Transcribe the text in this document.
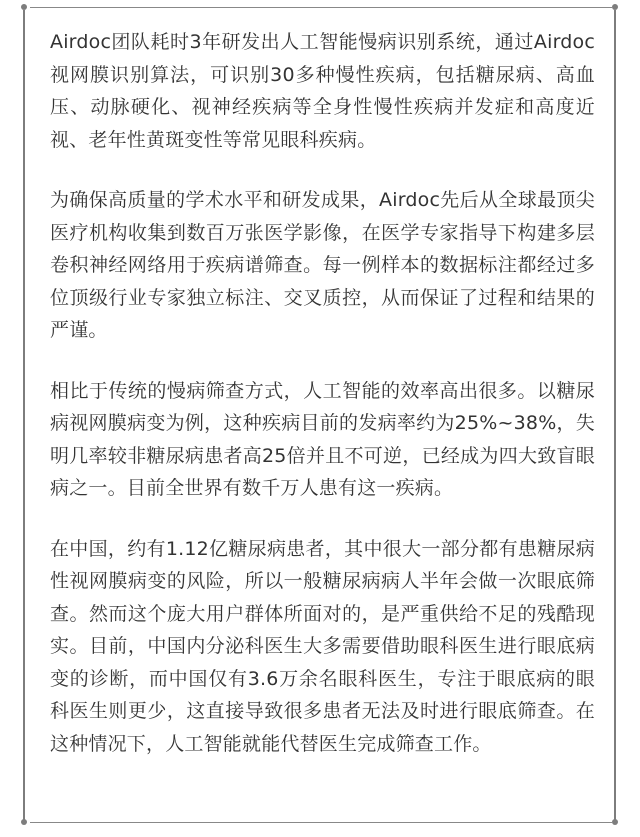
Airdoc团队耗时3年研发出人工智能慢病识别系统，通过Airdoc视网膜识别算法，可识别30多种慢性疾病，包括糖尿病、高血压、动脉硬化、视神经疾病等全身性慢性疾病并发症和高度近视、老年性黄斑变性等常见眼科疾病。

为确保高质量的学术水平和研发成果，Airdoc先后从全球最顶尖医疗机构收集到数百万张医学影像，在医学专家指导下构建多层卷积神经网络用于疾病谱筛查。每一例样本的数据标注都经过多位顶级行业专家独立标注、交叉质控，从而保证了过程和结果的严谨。

相比于传统的慢病筛查方式，人工智能的效率高出很多。以糖尿病视网膜病变为例，这种疾病目前的发病率约为25%~38%，失明几率较非糖尿病患者高25倍并且不可逆，已经成为四大致盲眼病之一。目前全世界有数千万人患有这一疾病。

在中国，约有1.12亿糖尿病患者，其中很大一部分都有患糖尿病性视网膜病变的风险，所以一般糖尿病病人半年会做一次眼底筛查。然而这个庞大用户群体所面对的，是严重供给不足的残酷现实。目前，中国内分泌科医生大多需要借助眼科医生进行眼底病变的诊断，而中国仅有3.6万余名眼科医生，专注于眼底病的眼科医生则更少，这直接导致很多患者无法及时进行眼底筛查。在这种情况下，人工智能就能代替医生完成筛查工作。
